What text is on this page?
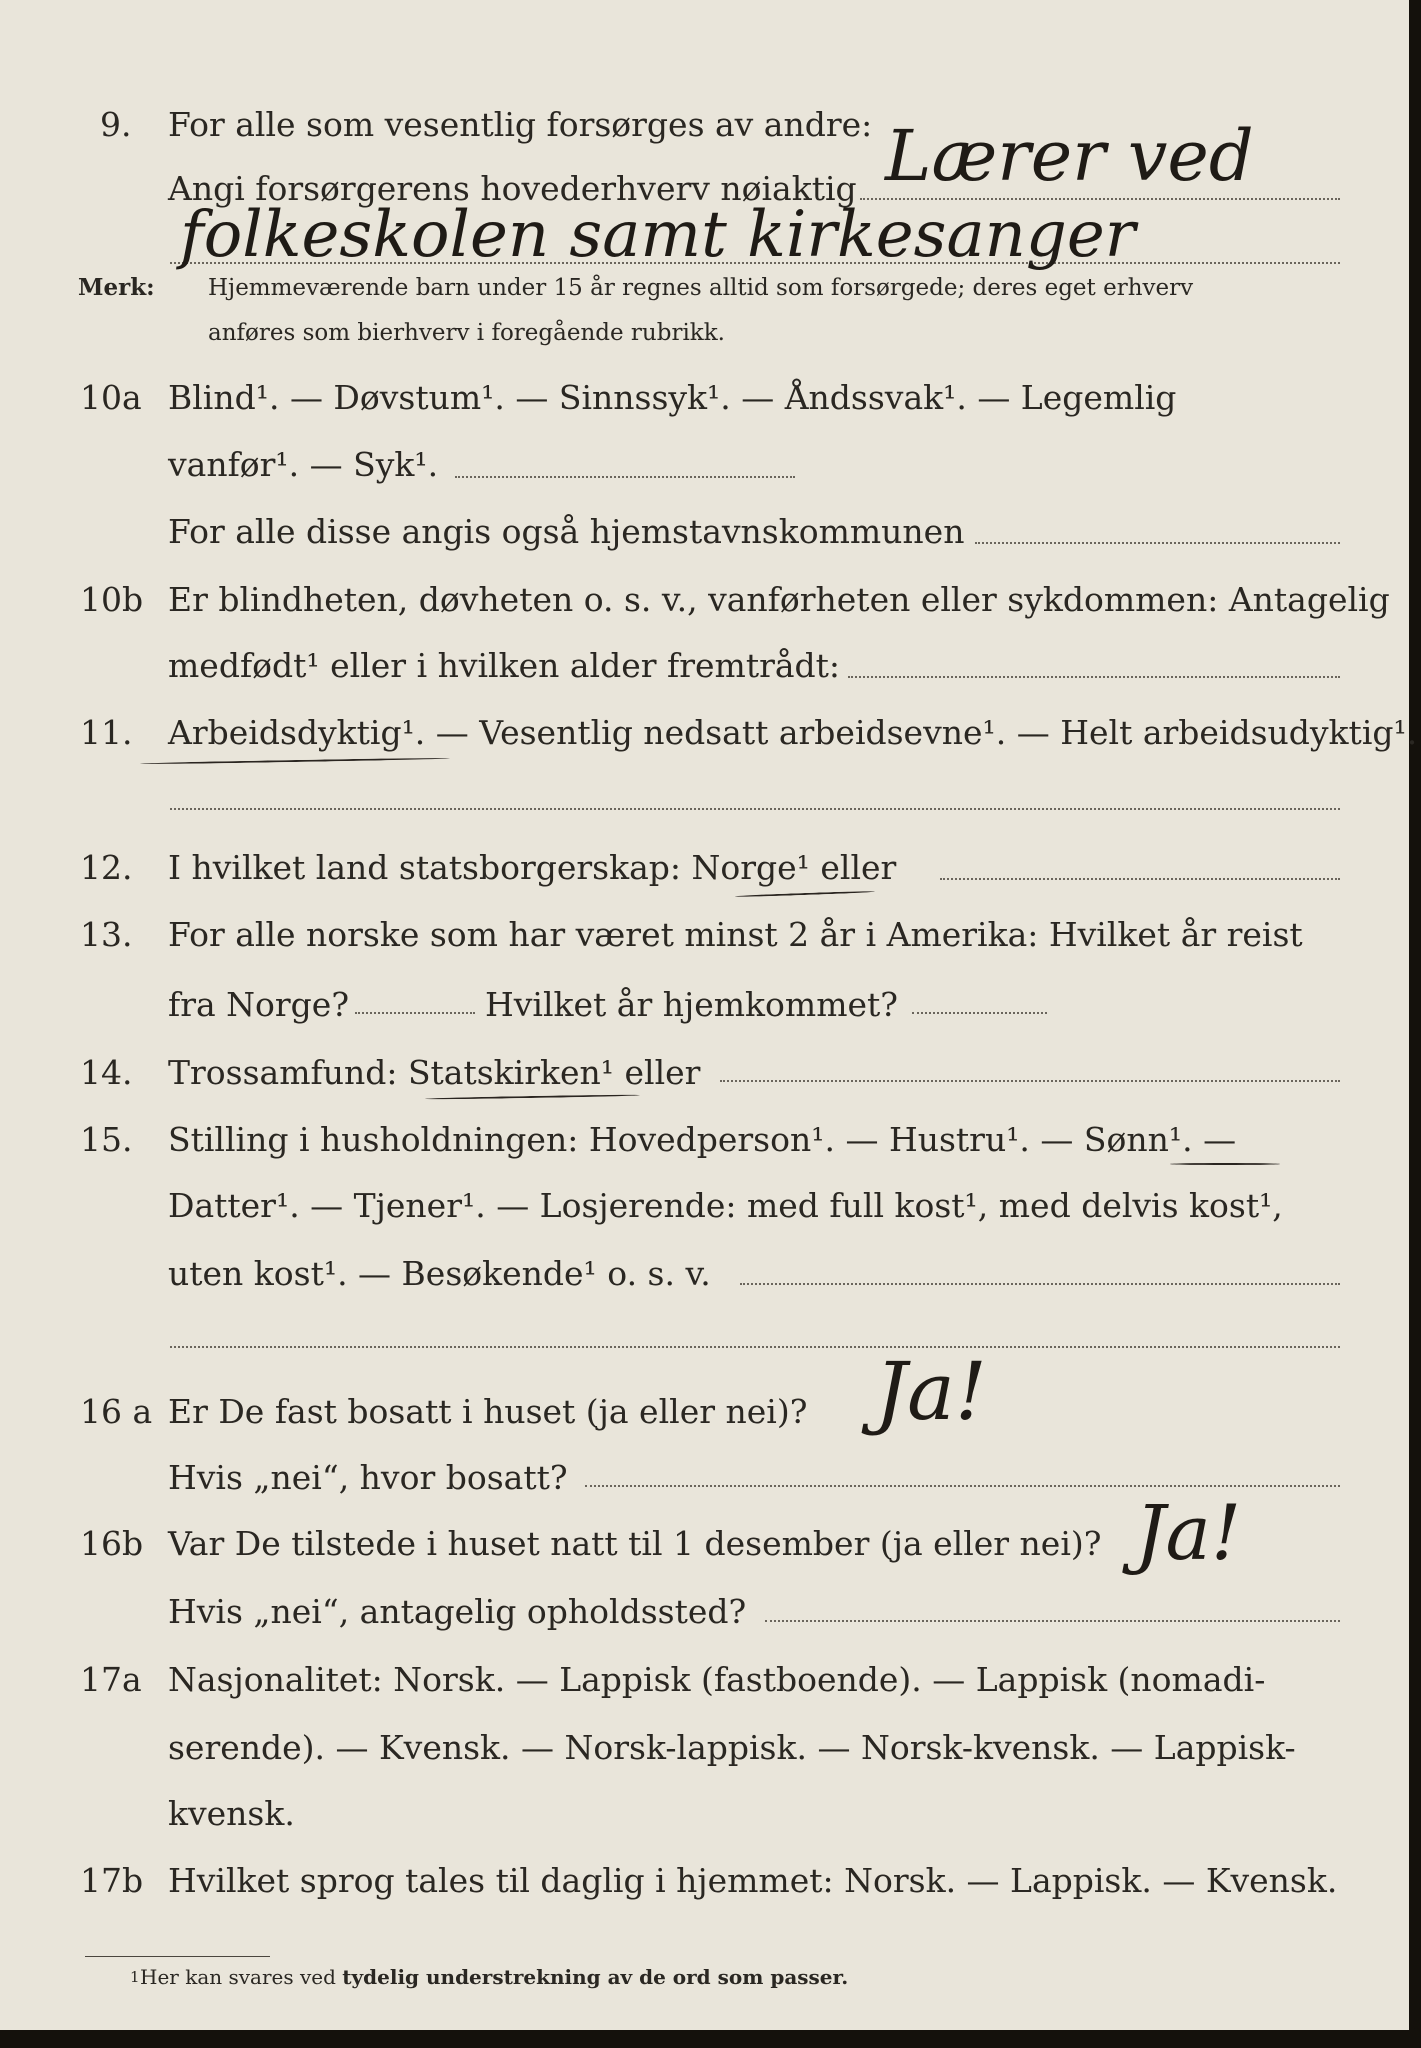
9. For alle som vesentlig forsørges av andre:
Angi forsørgerens hovederhverv nøiaktig Lærer ved
folkeskolen samt kirkesanger
Merk: Hjemmeværende barn under 15 år regnes alltid som forsørgede; deres eget erhverv
anføres som bierhverv i foregående rubrikk.
10a Blind¹. — Døvstum¹. — Sinnssyk¹. — Åndssvak¹. — Legemlig
vanfør¹. — Syk¹.
For alle disse angis også hjemstavnskommunen
10b Er blindheten, døvheten o. s. v., vanførheten eller sykdommen: Antagelig
medfødt¹ eller i hvilken alder fremtrådt:
11. Arbeidsdyktig¹. — Vesentlig nedsatt arbeidsevne¹. — Helt arbeidsudyktig¹.
12. I hvilket land statsborgerskap: Norge¹ eller
13. For alle norske som har været minst 2 år i Amerika: Hvilket år reist
fra Norge?	Hvilket år hjemkommet?
14. Trossamfund: Statskirken¹ eller
15. Stilling i husholdningen: Hovedperson¹. — Hustru¹. — Sønn¹. —
Datter¹. — Tjener¹. — Losjerende: med full kost¹, med delvis kost¹,
uten kost¹. — Besøkende¹ o. s. v.
16 a Er De fast bosatt i huset (ja eller nei)? Ja!
Hvis „nei“, hvor bosatt?
16b Var De tilstede i huset natt til 1 desember (ja eller nei)? Ja!
Hvis „nei“, antagelig opholdssted?
17a Nasjonalitet: Norsk. — Lappisk (fastboende). — Lappisk (nomadi-
serende). — Kvensk. — Norsk-lappisk. — Norsk-kvensk. — Lappisk-
kvensk.
17b Hvilket sprog tales til daglig i hjemmet: Norsk. — Lappisk. — Kvensk.
1 Her kan svares ved tydelig understrekning av de ord som passer.
